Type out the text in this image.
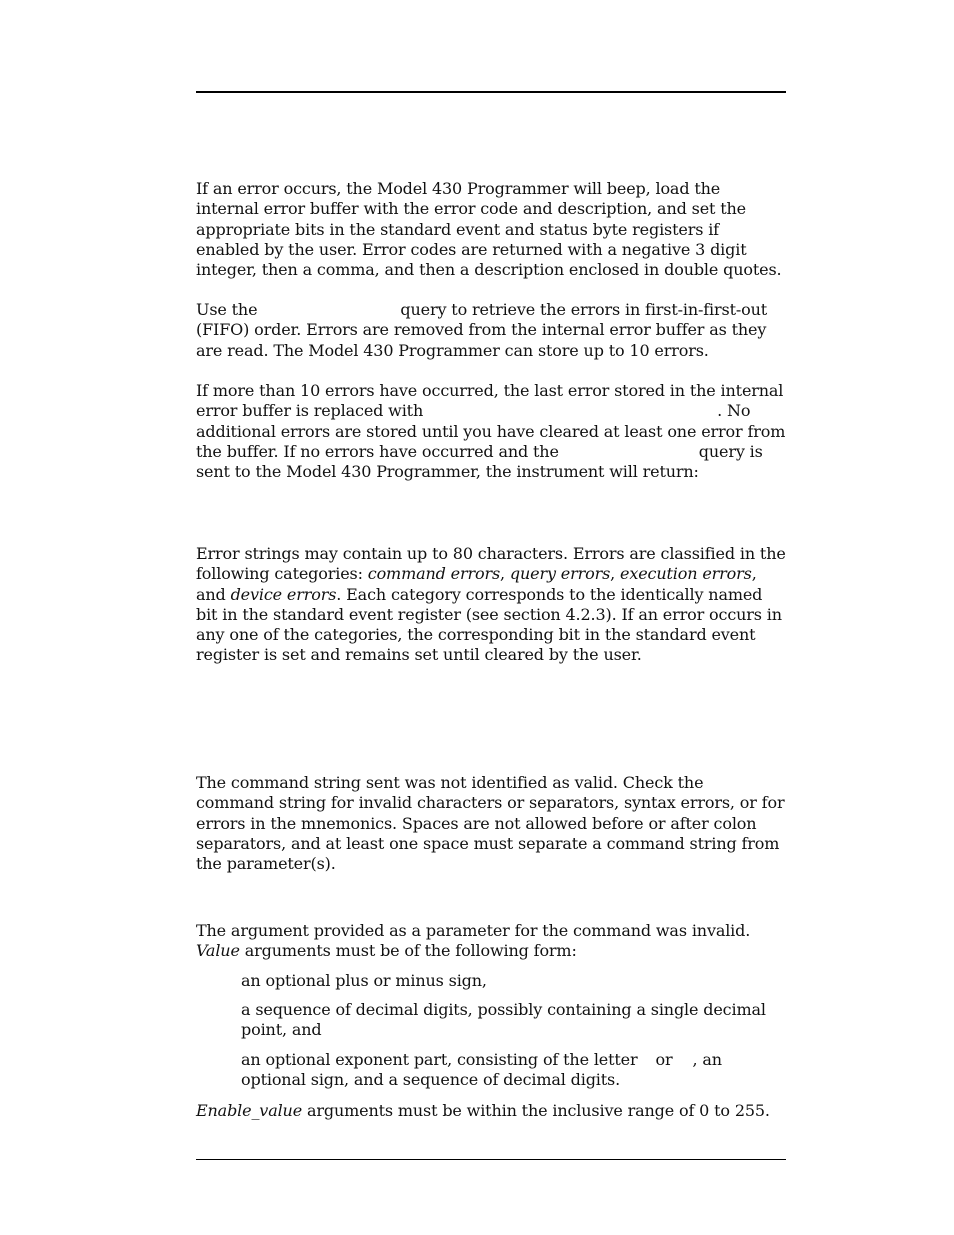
If an error occurs, the Model 430 Programmer will beep, load the internal error buffer with the error code and description, and set the appropriate bits in the standard event and status byte registers if enabled by the user. Error codes are returned with a negative 3 digit integer, then a comma, and then a description enclosed in double quotes.

Use the	query to retrieve the errors in first-in-first-out (FIFO) order. Errors are removed from the internal error buffer as they are read. The Model 430 Programmer can store up to 10 errors.

If more than 10 errors have occurred, the last error stored in the internal error buffer is replaced with	. No additional errors are stored until you have cleared at least one error from the buffer. If no errors have occurred and the	query is sent to the Model 430 Programmer, the instrument will return:

Error strings may contain up to 80 characters. Errors are classified in the following categories: command errors, query errors, execution errors, and device errors. Each category corresponds to the identically named bit in the standard event register (see section 4.2.3). If an error occurs in any one of the categories, the corresponding bit in the standard event register is set and remains set until cleared by the user.

The command string sent was not identified as valid. Check the command string for invalid characters or separators, syntax errors, or for errors in the mnemonics. Spaces are not allowed before or after colon separators, and at least one space must separate a command string from the parameter(s).

The argument provided as a parameter for the command was invalid.
Value arguments must be of the following form:

an optional plus or minus sign,

a sequence of decimal digits, possibly containing a single decimal point, and

an optional exponent part, consisting of the letter or , an optional sign, and a sequence of decimal digits.

Enable_value arguments must be within the inclusive range of 0 to 255.
